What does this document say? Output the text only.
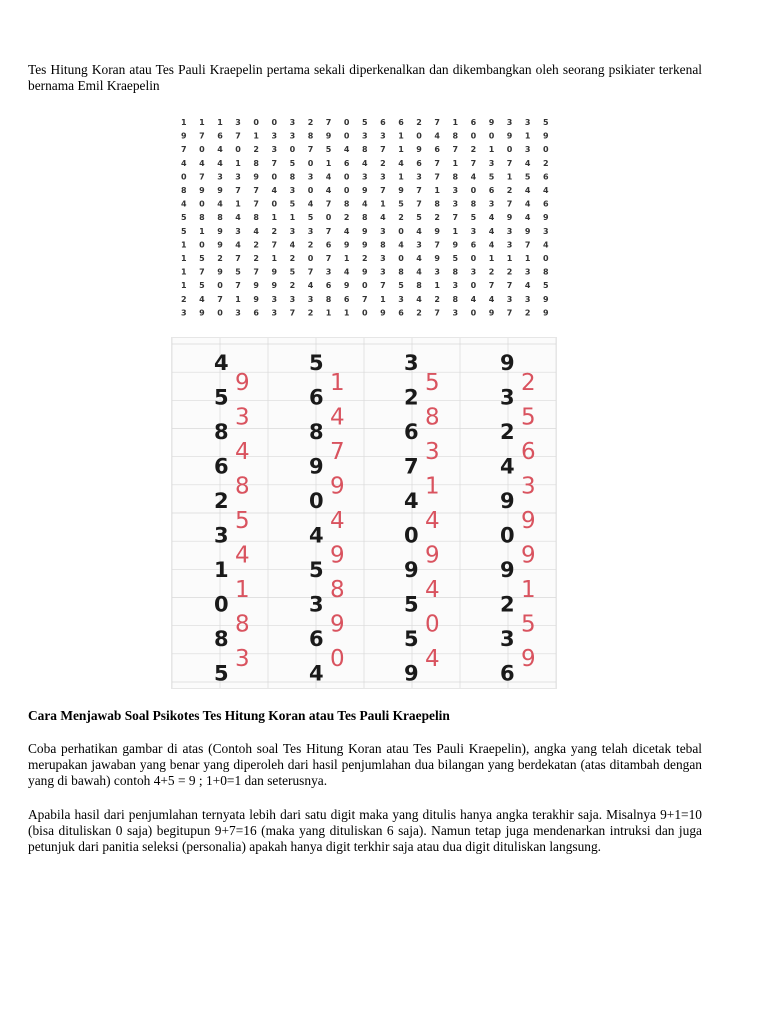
Tes Hitung Koran atau Tes Pauli Kraepelin pertama sekali diperkenalkan dan dikembangkan oleh seorang psikiater terkenal bernama Emil Kraepelin

1 1 1 3 0 0 3 2 7 0 5 6 6 2 7 1 6 9 3 3 5
9 7 6 7 1 3 3 8 9 0 3 3 1 0 4 8 0 0 9 1 9
7 0 4 0 2 3 0 7 5 4 8 7 1 9 6 7 2 1 0 3 0
4 4 4 1 8 7 5 0 1 6 4 2 4 6 7 1 7 3 7 4 2
0 7 3 3 9 0 8 3 4 0 3 3 1 3 7 8 4 5 1 5 6
8 9 9 7 7 4 3 0 4 0 9 7 9 7 1 3 0 6 2 4 4
4 0 4 1 7 0 5 4 7 8 4 1 5 7 8 3 8 3 7 4 6
5 8 8 4 8 1 1 5 0 2 8 4 2 5 2 7 5 4 9 4 9
5 1 9 3 4 2 3 3 7 4 9 3 0 4 9 1 3 4 3 9 3
1 0 9 4 2 7 4 2 6 9 9 8 4 3 7 9 6 4 3 7 4
1 5 2 7 2 1 2 0 7 1 2 3 0 4 9 5 0 1 1 1 0
1 7 9 5 7 9 5 7 3 4 9 3 8 4 3 8 3 2 2 3 8
1 5 0 7 9 9 2 4 6 9 0 7 5 8 1 3 0 7 7 4 5
2 4 7 1 9 3 3 3 8 6 7 1 3 4 2 8 4 4 3 3 9
3 9 0 3 6 3 7 2 1 1 0 9 6 2 7 3 0 9 7 2 9
4
5
8
6
2
3
1
0
8
5
9
3
4
8
5
4
1
8
3
5
6
8
9
0
4
5
3
6
4
1
4
7
9
4
9
8
9
0
3
2
6
7
4
0
9
5
5
9
5
8
3
1
4
9
4
0
4
9
3
2
4
9
0
9
2
3
6
2
5
6
3
9
9
1
5
9

Cara Menjawab Soal Psikotes Tes Hitung Koran atau Tes Pauli Kraepelin

Coba perhatikan gambar di atas (Contoh soal Tes Hitung Koran atau Tes Pauli Kraepelin), angka yang telah dicetak tebal merupakan jawaban yang benar yang diperoleh dari hasil penjumlahan dua bilangan yang berdekatan (atas ditambah dengan yang di bawah) contoh 4+5 = 9 ; 1+0=1 dan seterusnya.

Apabila hasil dari penjumlahan ternyata lebih dari satu digit maka yang ditulis hanya angka terakhir saja. Misalnya 9+1=10 (bisa dituliskan 0 saja) begitupun 9+7=16 (maka yang dituliskan 6 saja). Namun tetap juga mendenarkan intruksi dan juga petunjuk dari panitia seleksi (personalia) apakah hanya digit terkhir saja atau dua digit dituliskan langsung.
